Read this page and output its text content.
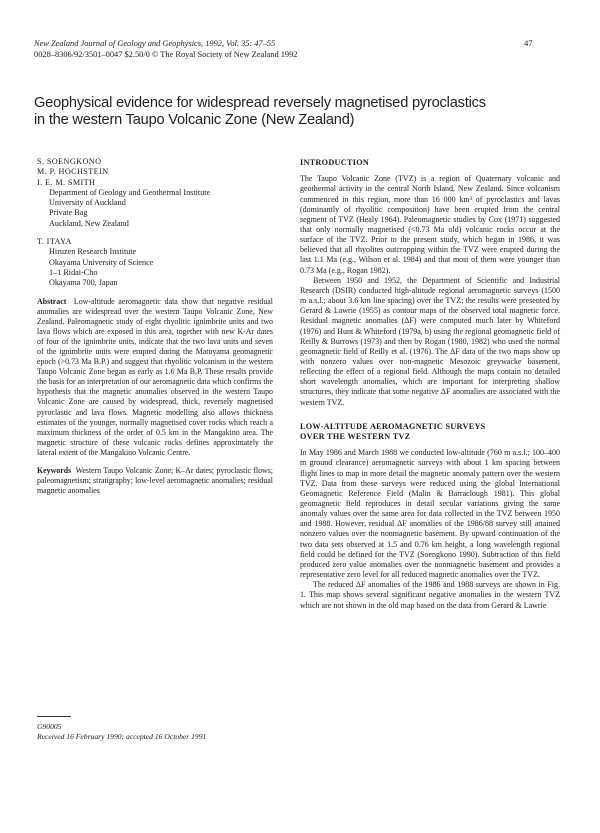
New Zealand Journal of Geology and Geophysics, 1992, Vol. 35: 47–55
0028–8306/92/3501–0047 $2.50/0 © The Royal Society of New Zealand 1992
47
Geophysical evidence for widespread reversely magnetised pyroclastics
in the western Taupo Volcanic Zone (New Zealand)
S. SOENGKONO
M. P. HOCHSTEIN
I. E. M. SMITH
Department of Geology and Geothermal Institute
University of Auckland
Private Bag
Auckland, New Zealand
T. ITAYA
Hiruzen Research Institute
Okayama University of Science
1–1 Ridai-Cho
Okayama 700, Japan
Abstract Low-altitude aeromagnetic data show that negative residual anomalies are widespread over the western Taupo Volcanic Zone, New Zealand. Paleomagnetic study of eight rhyolitic ignimbrite units and two lava flows which are exposed in this area, together with new K-Ar dates of four of the ignimbrite units, indicate that the two lava units and seven of the ignimbrite units were erupted during the Matuyama geomagnetic epoch (>0.73 Ma B.P.) and suggest that rhyolitic volcanism in the western Taupo Volcanic Zone began as early as 1.6 Ma B.P. These results provide the basis for an interpretation of our aeromagnetic data which confirms the hypothesis that the magnetic anomalies observed in the western Taupo Volcanic Zone are caused by widespread, thick, reversely magnetised pyroclastic and lava flows. Magnetic modelling also allows thickness estimates of the younger, normally magnetised cover rocks which reach a maximum thickness of the order of 0.5 km in the Mangakino area. The magnetic structure of these volcanic rocks defines approximately the lateral extent of the Mangakino Volcanic Centre.
Keywords Western Taupo Volcanic Zone; K–Ar dates; pyroclastic flows; paleomagnetism; stratigraphy; low-level aeromagnetic anomalies; residual magnetic anomalies
G90005
Received 16 February 1990; accepted 16 October 1991
INTRODUCTION

The Taupo Volcanic Zone (TVZ) is a region of Quaternary volcanic and geothermal activity in the central North Island, New Zealand. Since volcanism commenced in this region, more than 16 000 km³ of pyroclastics and lavas (dominantly of rhyolitic composition) have been erupted from the central segment of TVZ (Healy 1964). Paleomagnetic studies by Cox (1971) suggested that only normally magnetised (<0.73 Ma old) volcanic rocks occur at the surface of the TVZ. Prior to the present study, which began in 1986, it was believed that all rhyolites outcropping within the TVZ were erupted during the last 1.1 Ma (e.g., Wilson et al. 1984) and that most of them were younger than 0.73 Ma (e.g., Rogan 1982).

Between 1950 and 1952, the Department of Scientific and Industrial Research (DSIR) conducted high-altitude regional aeromagnetic surveys (1500 m a.s.l.; about 3.6 km line spacing) over the TVZ; the results were presented by Gerard & Lawrie (1955) as contour maps of the observed total magnetic force. Residual magnetic anomalies (ΔF) were computed much later by Whiteford (1976) and Hunt & Whiteford (1979a, b) using the regional geomagnetic field of Reilly & Burrows (1973) and then by Rogan (1980, 1982) who used the normal geomagnetic field of Reilly et al. (1976). The ΔF data of the two maps show up with nonzero values over non-magnetic Mesozoic greywacke basement, reflecting the effect of a regional field. Although the maps contain no detailed short wavelength anomalies, which are important for interpreting shallow structures, they indicate that some negative ΔF anomalies are associated with the western TVZ.

LOW-ALTITUDE AEROMAGNETIC SURVEYS
OVER THE WESTERN TVZ

In May 1986 and March 1988 we conducted low-altitude (760 m a.s.l.; 100–400 m ground clearance) aeromagnetic surveys with about 1 km spacing between flight lines to map in more detail the magnetic anomaly pattern over the western TVZ. Data from these surveys were reduced using the global International Geomagnetic Reference Field (Malin & Barraclough 1981). This global geomagnetic field reproduces in detail secular variations giving the same anomaly values over the same area for data collected in the TVZ between 1950 and 1988. However, residual ΔF anomalies of the 1986/88 survey still attained nonzero values over the nonmagnetic basement. By upward continuation of the two data sets observed at 1.5 and 0.76 km height, a long wavelength regional field could be defined for the TVZ (Soengkono 1990). Subtraction of this field produced zero value anomalies over the nonmagnetic basement and provides a representative zero level for all reduced magnetic anomalies over the TVZ.

The reduced ΔF anomalies of the 1986 and 1988 surveys are shown in Fig. 1. This map shows several significant negative anomalies in the western TVZ which are not shown in the old map based on the data from Gerard & Lawrie
